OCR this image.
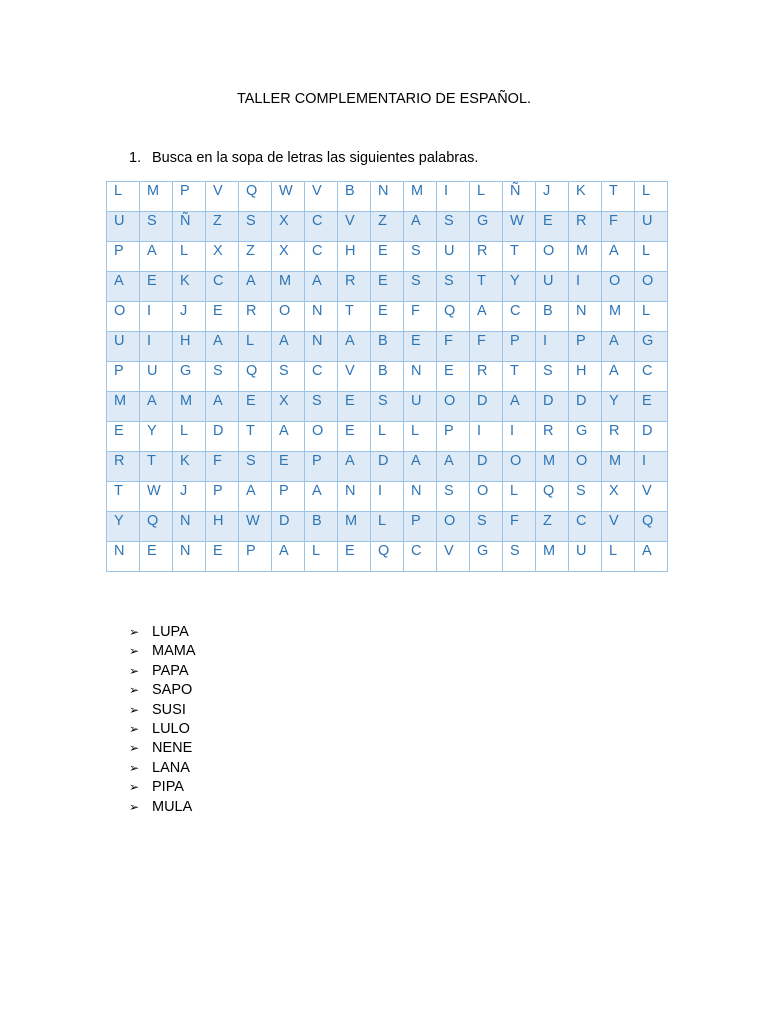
TALLER COMPLEMENTARIO DE ESPAÑOL.
1. Busca en la sopa de letras las siguientes palabras.
L	M	P	V	Q	W	V	B	N	M	I	L	Ñ	J	K	T	L
U	S	Ñ	Z	S	X	C	V	Z	A	S	G	W	E	R	F	U
P	A	L	X	Z	X	C	H	E	S	U	R	T	O	M	A	L
A	E	K	C	A	M	A	R	E	S	S	T	Y	U	I	O	O
O	I	J	E	R	O	N	T	E	F	Q	A	C	B	N	M	L
U	I	H	A	L	A	N	A	B	E	F	F	P	I	P	A	G
P	U	G	S	Q	S	C	V	B	N	E	R	T	S	H	A	C
M	A	M	A	E	X	S	E	S	U	O	D	A	D	D	Y	E
E	Y	L	D	T	A	O	E	L	L	P	I	I	R	G	R	D
R	T	K	F	S	E	P	A	D	A	A	D	O	M	O	M	I
T	W	J	P	A	P	A	N	I	N	S	O	L	Q	S	X	V
Y	Q	N	H	W	D	B	M	L	P	O	S	F	Z	C	V	Q
N	E	N	E	P	A	L	E	Q	C	V	G	S	M	U	L	A
➢ LUPA
➢ MAMA
➢ PAPA
➢ SAPO
➢ SUSI
➢ LULO
➢ NENE
➢ LANA
➢ PIPA
➢ MULA
